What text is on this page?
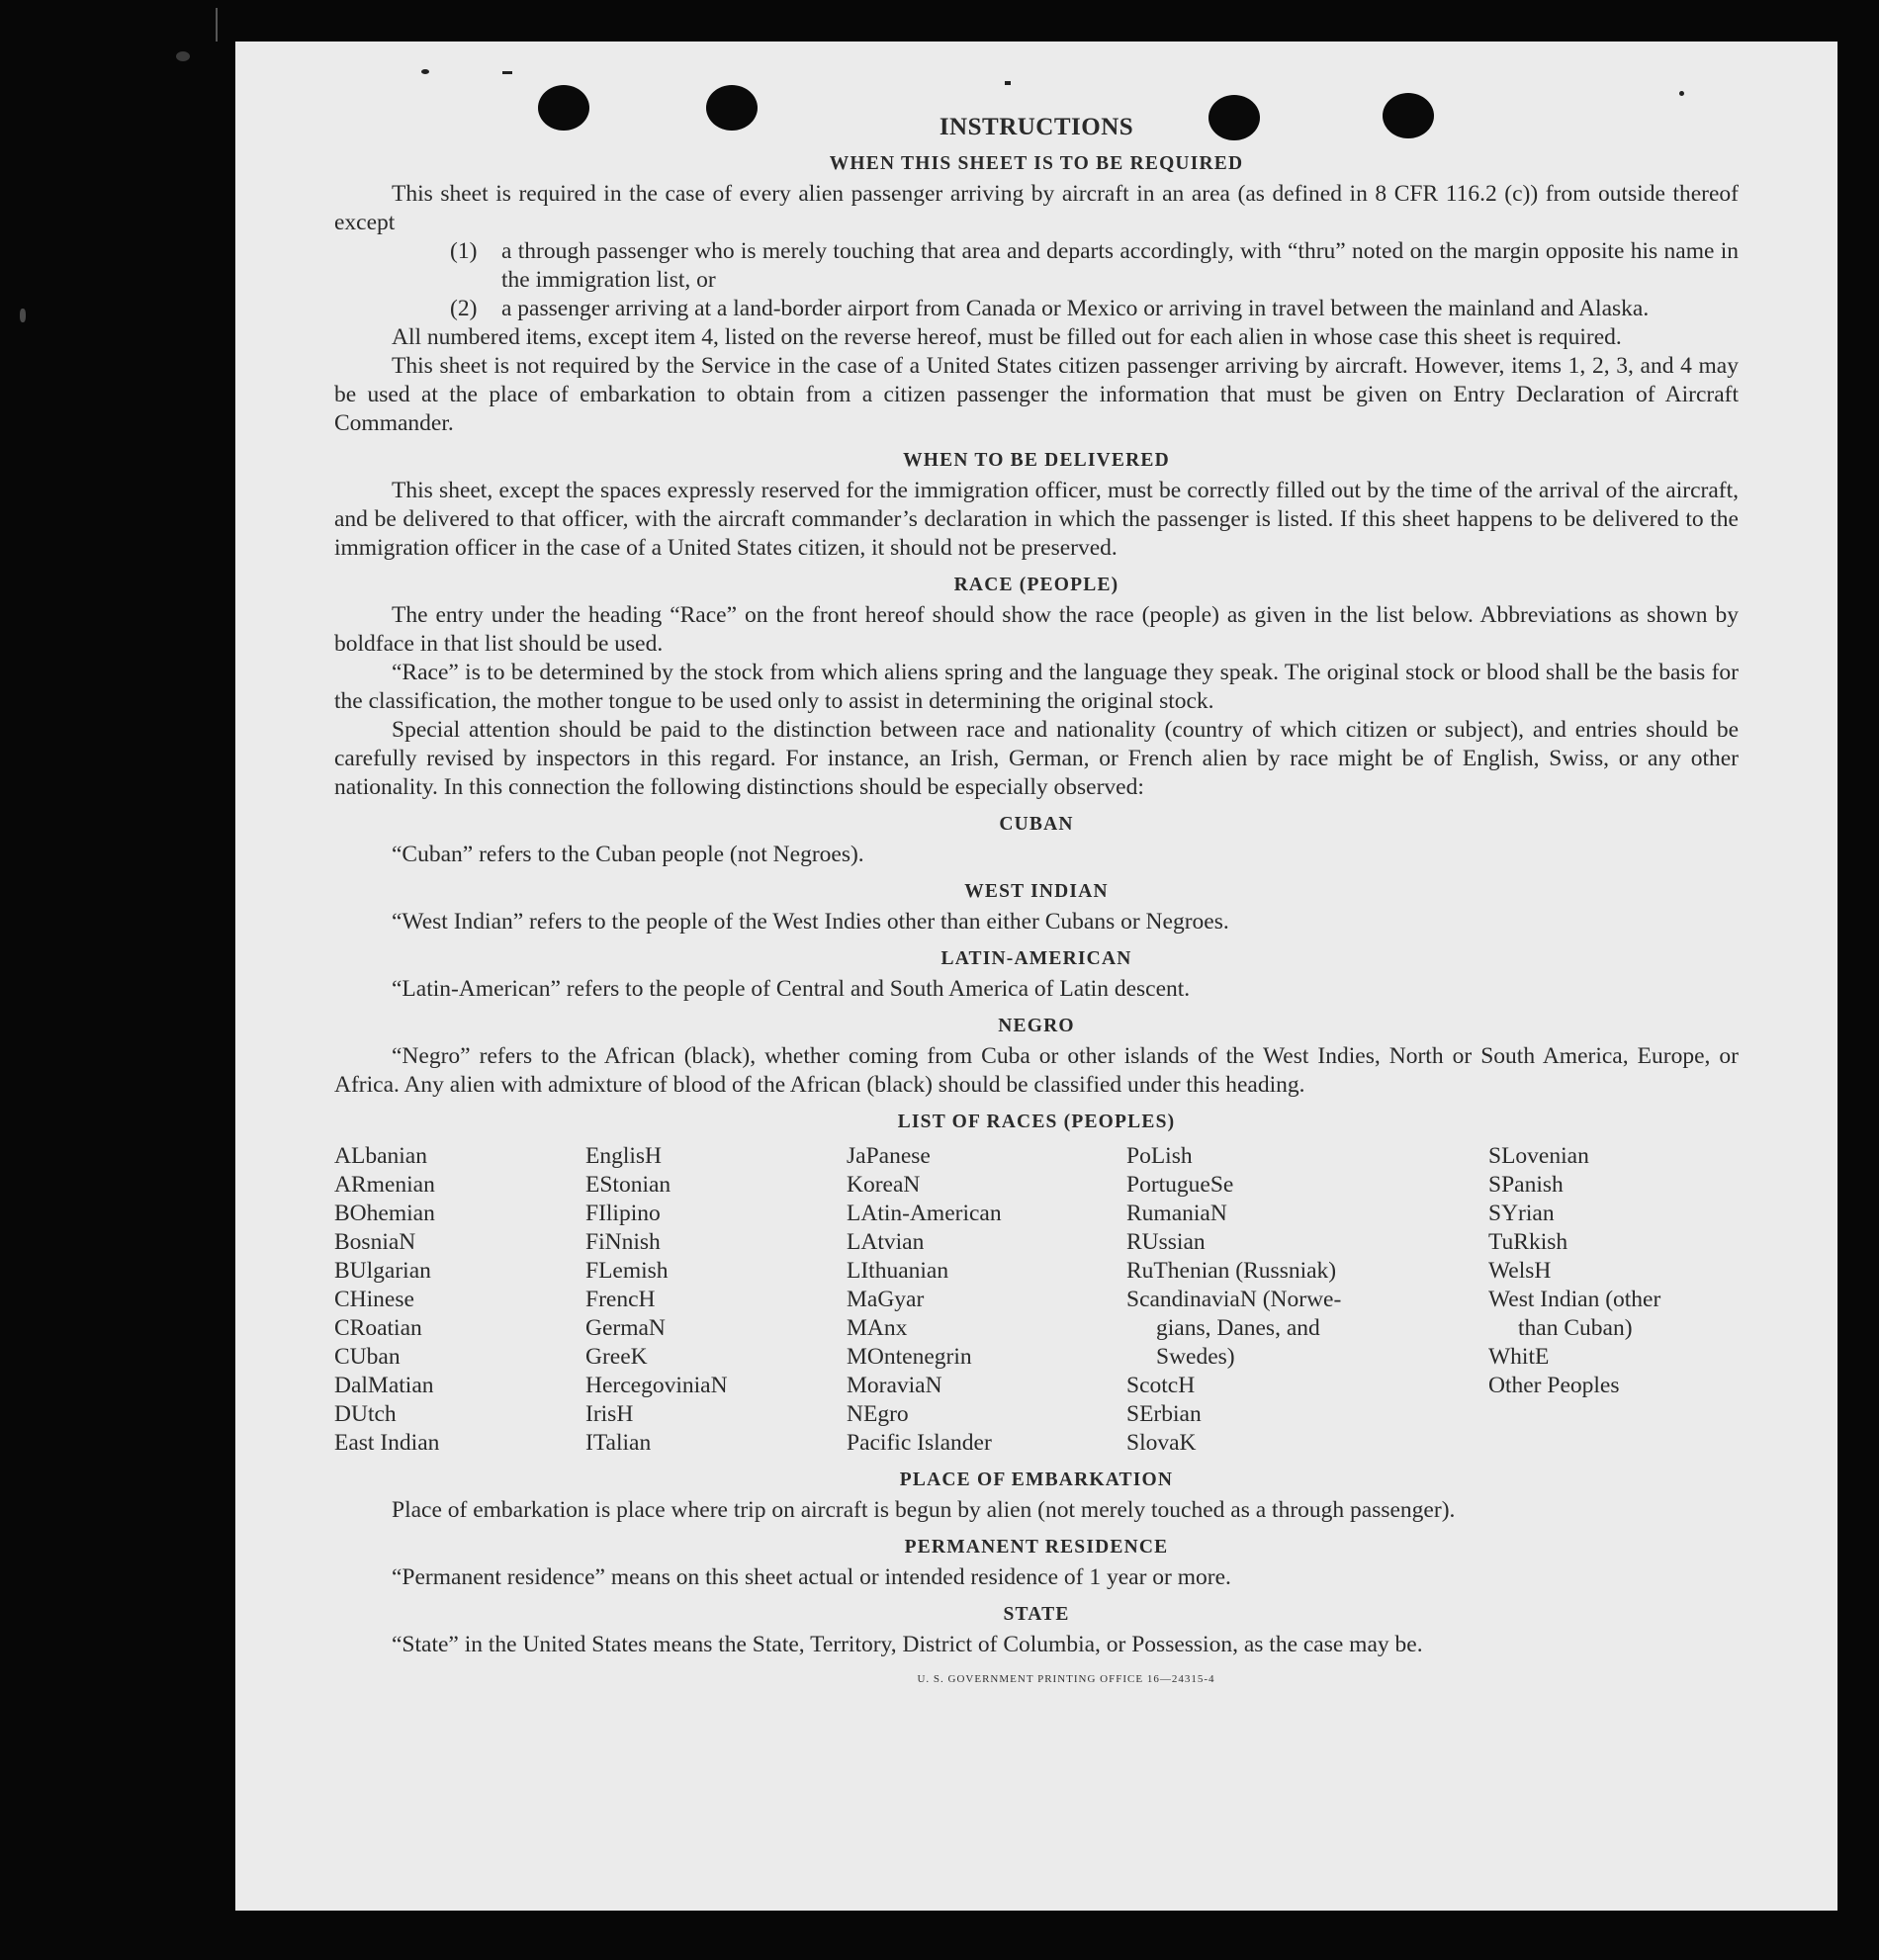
INSTRUCTIONS
WHEN THIS SHEET IS TO BE REQUIRED

This sheet is required in the case of every alien passenger arriving by aircraft in an area (as defined in 8 CFR 116.2 (c)) from outside thereof except

(1)	a through passenger who is merely touching that area and departs accordingly, with “thru” noted on the margin opposite his name in the immigration list, or
(2)	a passenger arriving at a land-border airport from Canada or Mexico or arriving in travel between the mainland and Alaska.

All numbered items, except item 4, listed on the reverse hereof, must be filled out for each alien in whose case this sheet is required.

This sheet is not required by the Service in the case of a United States citizen passenger arriving by aircraft. However, items 1, 2, 3, and 4 may be used at the place of embarkation to obtain from a citizen passenger the information that must be given on Entry Declaration of Aircraft Commander.

WHEN TO BE DELIVERED

This sheet, except the spaces expressly reserved for the immigration officer, must be correctly filled out by the time of the arrival of the aircraft, and be delivered to that officer, with the aircraft commander’s declaration in which the passenger is listed. If this sheet happens to be delivered to the immigration officer in the case of a United States citizen, it should not be preserved.

RACE (PEOPLE)

The entry under the heading “Race” on the front hereof should show the race (people) as given in the list below. Abbreviations as shown by boldface in that list should be used.

“Race” is to be determined by the stock from which aliens spring and the language they speak. The original stock or blood shall be the basis for the classification, the mother tongue to be used only to assist in determining the original stock.

Special attention should be paid to the distinction between race and nationality (country of which citizen or subject), and entries should be carefully revised by inspectors in this regard. For instance, an Irish, German, or French alien by race might be of English, Swiss, or any other nationality. In this connection the following distinctions should be especially observed:

CUBAN

“Cuban” refers to the Cuban people (not Negroes).

WEST INDIAN

“West Indian” refers to the people of the West Indies other than either Cubans or Negroes.

LATIN-AMERICAN

“Latin-American” refers to the people of Central and South America of Latin descent.

NEGRO

“Negro” refers to the African (black), whether coming from Cuba or other islands of the West Indies, North or South America, Europe, or Africa. Any alien with admixture of blood of the African (black) should be classified under this heading.

LIST OF RACES (PEOPLES)
ALbanian
ARmenian
BOhemian
BosniaN
BUlgarian
CHinese
CRoatian
CUban
DalMatian
DUtch
East Indian
EnglisH
EStonian
FIlipino
FiNnish
FLemish
FrencH
GermaN
GreeK
HercegoviniaN
IrisH
ITalian
JaPanese
KoreaN
LAtin-American
LAtvian
LIthuanian
MaGyar
MAnx
MOntenegrin
MoraviaN
NEgro
Pacific Islander
PoLish
PortugueSe
RumaniaN
RUssian
RuThenian (Russniak)
ScandinaviaN (Norwe-
gians, Danes, and
Swedes)
ScotcH
SErbian
SlovaK
SLovenian
SPanish
SYrian
TuRkish
WelsH
West Indian (other
than Cuban)
WhitE
Other Peoples
PLACE OF EMBARKATION

Place of embarkation is place where trip on aircraft is begun by alien (not merely touched as a through passenger).

PERMANENT RESIDENCE

“Permanent residence” means on this sheet actual or intended residence of 1 year or more.

STATE

“State” in the United States means the State, Territory, District of Columbia, or Possession, as the case may be.

U. S. GOVERNMENT PRINTING OFFICE 16—24315-4
